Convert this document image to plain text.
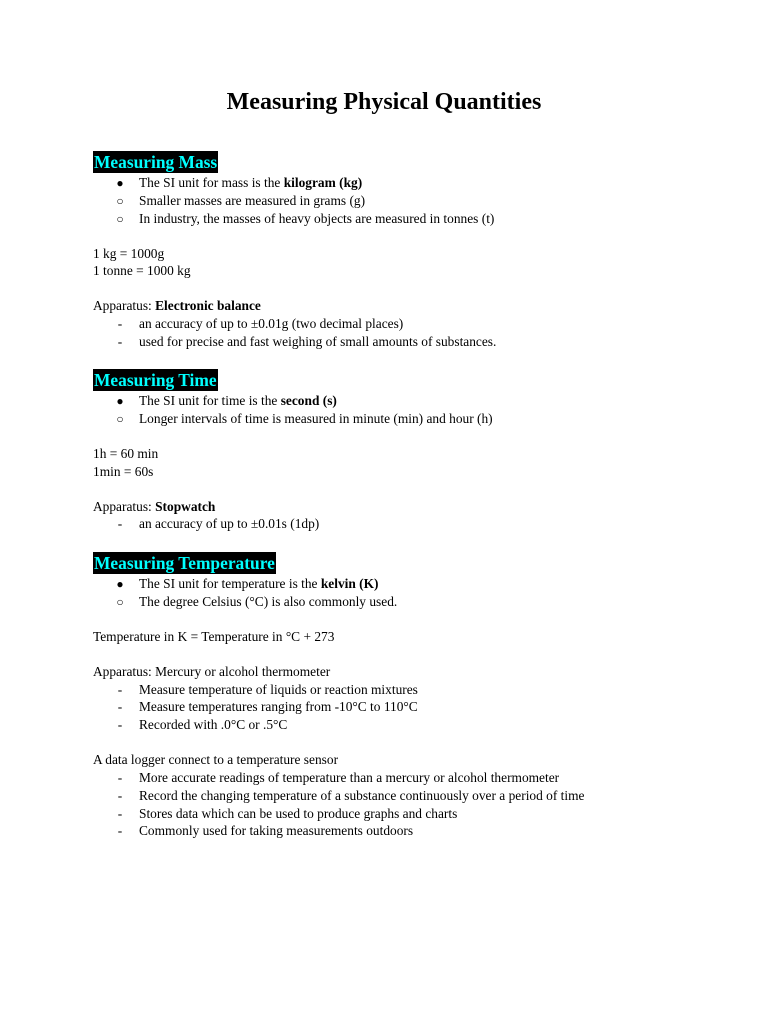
Measuring Physical Quantities
Measuring Mass
● The SI unit for mass is the kilogram (kg)
○ Smaller masses are measured in grams (g)
○ In industry, the masses of heavy objects are measured in tonnes (t)
1 kg = 1000g
1 tonne = 1000 kg
Apparatus: Electronic balance
-	an accuracy of up to ±0.01g (two decimal places)
-	used for precise and fast weighing of small amounts of substances.
Measuring Time
● The SI unit for time is the second (s)
○ Longer intervals of time is measured in minute (min) and hour (h)
1h = 60 min
1min = 60s
Apparatus: Stopwatch
-	an accuracy of up to ±0.01s (1dp)
Measuring Temperature
● The SI unit for temperature is the kelvin (K)
○ The degree Celsius (°C) is also commonly used.
Temperature in K = Temperature in °C + 273
Apparatus: Mercury or alcohol thermometer
-	Measure temperature of liquids or reaction mixtures
-	Measure temperatures ranging from -10°C to 110°C
-	Recorded with .0°C or .5°C
A data logger connect to a temperature sensor
-	More accurate readings of temperature than a mercury or alcohol thermometer
-	Record the changing temperature of a substance continuously over a period of time
-	Stores data which can be used to produce graphs and charts
-	Commonly used for taking measurements outdoors
